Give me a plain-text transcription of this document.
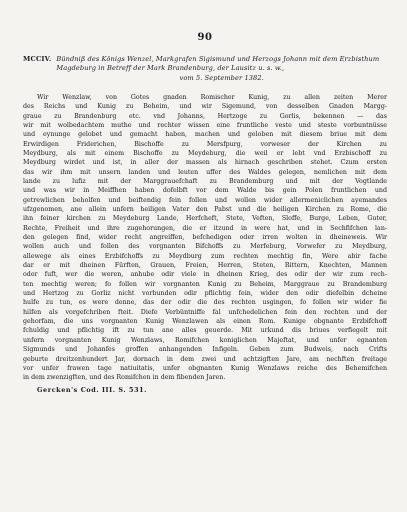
90
MCCIV. Bündniß des Königs Wenzel, Markgrafen Sigismund und Herzogs Johann mit dem Erzbisthum Magdeburg in Betreff der Mark Brandenburg, der Lausitz u. s. w.,
vom 5. September 1382.
Wir Wenzlaw, von Gotes gnaden Romischer Kunig, zu allen zeiten Merer
des Reichs und Kunig zu Beheim, und wir Sigemund, von desselben Gnaden Margg-
graue zu Brandenburg etc. vnd Johanns, Hertzoge zu Gorlis, bekennen — das
wir mit wolbedachtem muthe und rechter wissen eine fruntliche veste und steste vorbuntnüsse
und eynunge gelobet und gemacht haben, machen und geloben mit diesem briue mit dem
Erwirdigen Friderichen, Bischoffe zu Mersfpurg, vorweser der Kirchen zu
Meydburg, als mit einem Bischoffe zu Meydeburg, die weil er lebt vnd Erzbischoff zu
Meydburg wirdet und ist, in aller der massen als hirnach geschriben stehet. Czum ersten
das wir ihm mit unsern landen und leuten uffer des Waldes gelegen, nemlichen mit dem
lande zu lufiz mit der Marggrauefchaft zu Brandemburg und mit der Vogtlande
und was wir in Meiffhen haben dofelbft vor dem Walde bis gein Polen fruntlichen und
getrewlichen beholfen und beiftendig fein follen und wollen wider allermeniclichen ayemandes
ufzgenomen, ane allein unfern heiligen Vater den Pabst und die heiligen Kirchen zu Rome, die
ihn feiner kirchen zu Meydeburg Lande, Herfcheft, Stete, Veften, Sloffe, Burge, Leben, Guter,
Rechte, Freiheit und ihre zugehorungen, die er itzund in were hat, und in Sechfifchen lan-
den gelegen find, wider recht angreiffen, befchedigen oder irren wolten in dheineweis. Wir
wollen auch und follen des vorgnanten Bifchoffs zu Merfeburg, Vorwefer zu Meydburg,
allewege als eines Erzbifchoffs zu Meydburg zum rechten mechtig fin, Were abir fache
dar er mit dheinen Fürften, Grauen, Freien, Herren, Steten, Rittern, Knechten, Mannen
oder fuft, wer die weren, anhube odir viele in dheinen Krieg, des odir der wir zum rech-
ten mechtig weren; fo follen wir vorgnanten Kunig zu Beheim, Marggraue zu Brandemburg
und Hertzog zu Gorliz nicht vorbunden odir pflichtig fein, wider den odir diefelbin dcheine
hulfe zu tun, es were denne, das der odir die des rechten usgingen, fo follen wir wider fie
hilfen als vorgefchriben fteit. Diefe Verbüntniffe fal unfchedelichen fein den rechten und der
gehorfam, die uns vorgnanten Kunig Wenzlawen als einen Rom. Kunige obgnante Erzbifchoff
fchuldig und pflichtig ift zu tun ane alles geuerde. Mit urkund dis briues verfiegelt mit
unfern vorgnanten Kunig Wenzlaws, Romifchen koniglichen Majeftat, und unfer egnanten
Sigmunds und Johanfes groffen anhangenden Infigeln. Geben zum Budweis, nach Crifts
geburte dreitzenhundert Jar, dornach in dem zwei und achtzigften Jare, am nechften freitage
vor unfer frawen tage natiuitatis, unfer obgnanten Kunig Wenzlaws reiche des Behemifchen
in dem zwenzigften, und des Romifchen in dem fibenden Jaren.
Gercken's Cod. III. S. 531.
